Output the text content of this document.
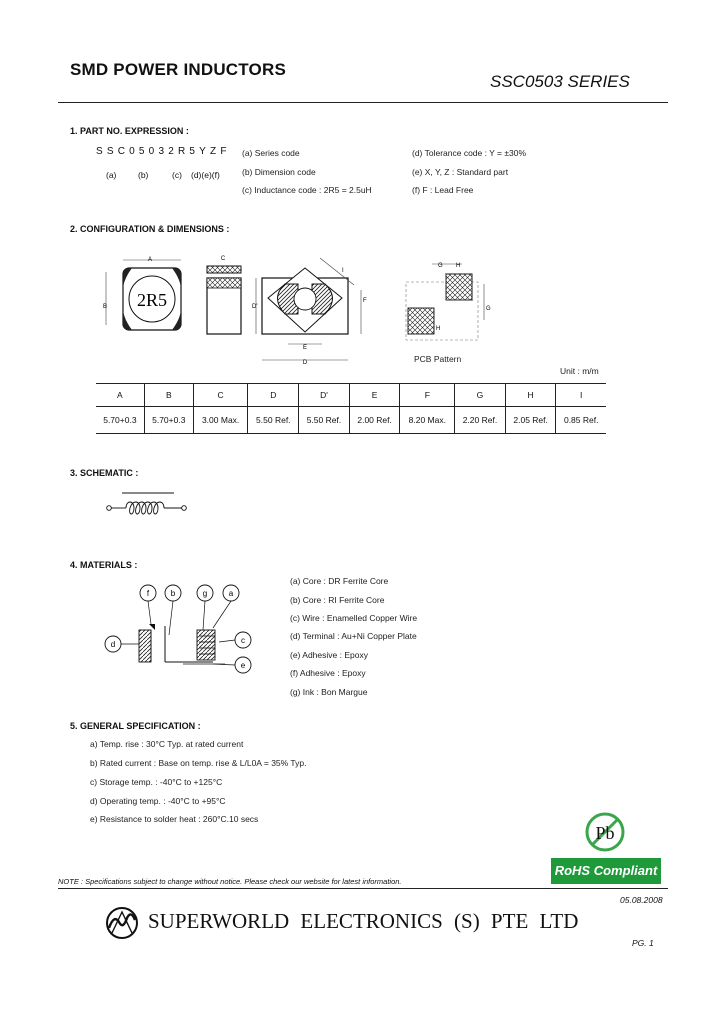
SMD POWER INDUCTORS
SSC0503 SERIES
1. PART NO. EXPRESSION :
SSC05032R5YZF
(a)	(b)	(c) (d)(e)(f)
(a) Series code
(b) Dimension code
(c) Inductance code : 2R5 = 2.5uH
(d) Tolerance code : Y = ±30%
(e) X, Y, Z : Standard part
(f) F : Lead Free
2. CONFIGURATION & DIMENSIONS :
A
B 2R5
C
D'
E
D
I
F
G H
G
H
PCB Pattern
Unit : m/m
A	B	C	D	D'	E	F	G	H	I
5.70+0.3	5.70+0.3	3.00 Max.	5.50 Ref.	5.50 Ref.	2.00 Ref.	8.20 Max.	2.20 Ref.	2.05 Ref.	0.85 Ref.
3. SCHEMATIC :
4. MATERIALS :
f	b	g	a
d	c
e
(a) Core : DR Ferrite Core
(b) Core : RI Ferrite Core
(c) Wire : Enamelled Copper Wire
(d) Terminal : Au+Ni Copper Plate
(e) Adhesive : Epoxy
(f) Adhesive : Epoxy
(g) Ink : Bon Margue
5. GENERAL SPECIFICATION :
a) Temp. rise : 30°C Typ. at rated current
b) Rated current : Base on temp. rise & L/L0A = 35% Typ.
c) Storage temp. : -40°C to +125°C
d) Operating temp. : -40°C to +95°C
e) Resistance to solder heat : 260°C.10 secs
Pb
RoHS Compliant
NOTE : Specifications subject to change without notice. Please check our website for latest information.
05.08.2008
SUPERWORLD ELECTRONICS (S) PTE LTD
PG. 1
